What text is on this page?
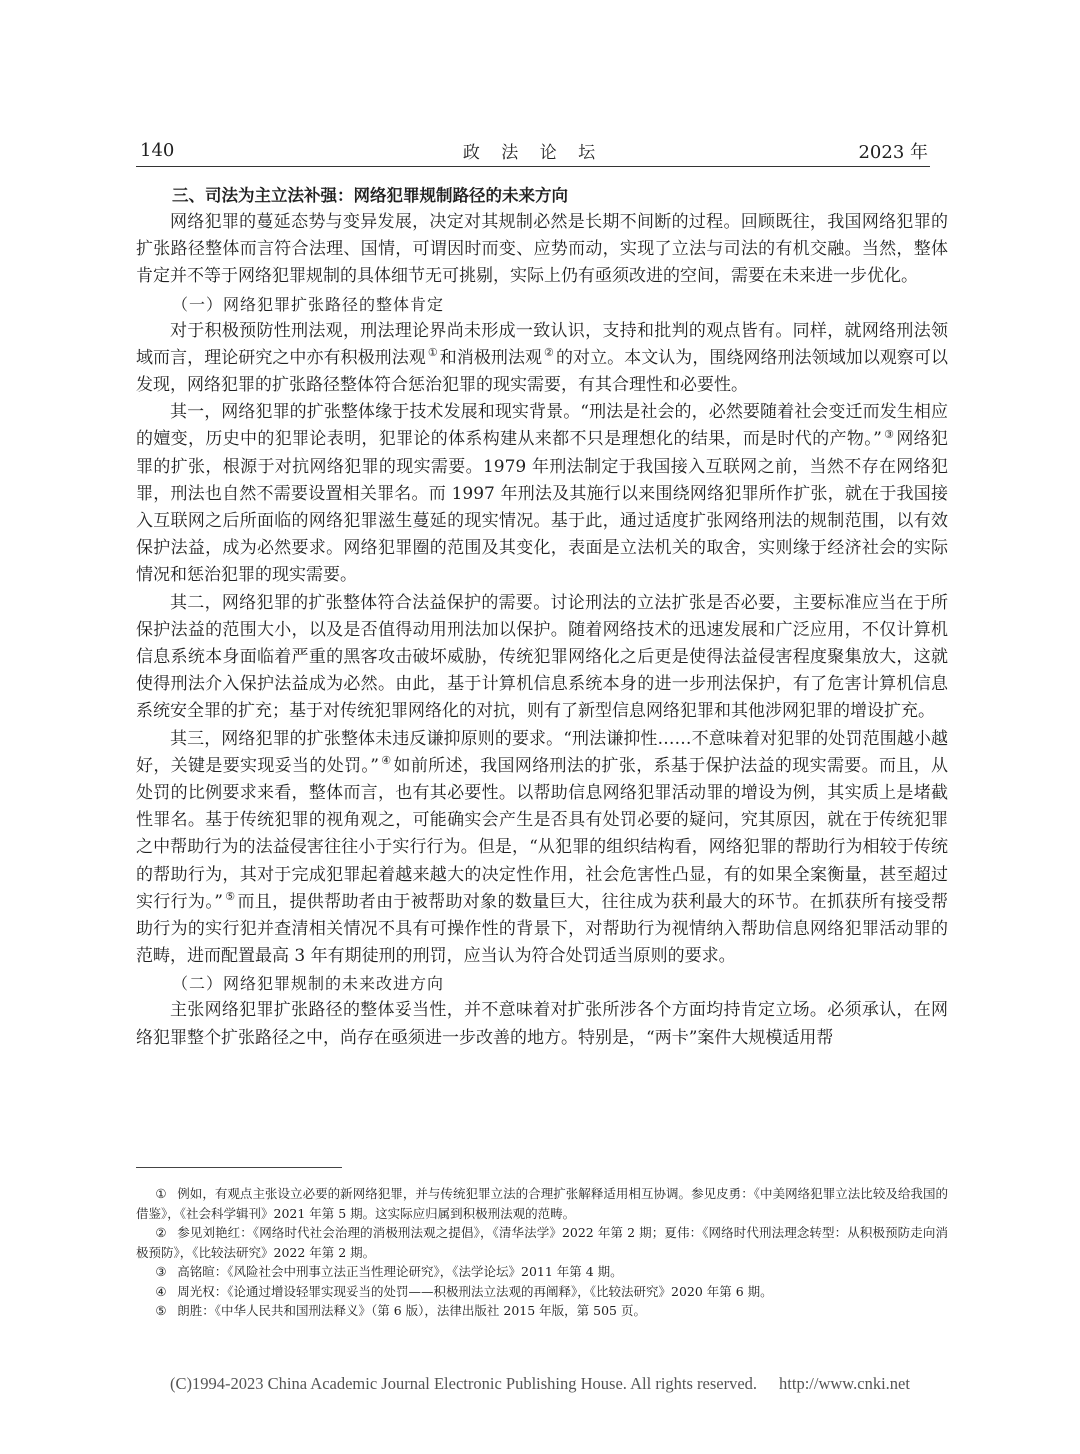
140	政 法 论 坛	2023 年
三、司法为主立法补强：网络犯罪规制路径的未来方向

网络犯罪的蔓延态势与变异发展，决定对其规制必然是长期不间断的过程。回顾既往，我国网络犯罪的扩张路径整体而言符合法理、国情，可谓因时而变、应势而动，实现了立法与司法的有机交融。当然，整体肯定并不等于网络犯罪规制的具体细节无可挑剔，实际上仍有亟须改进的空间，需要在未来进一步优化。

（一）网络犯罪扩张路径的整体肯定

对于积极预防性刑法观，刑法理论界尚未形成一致认识，支持和批判的观点皆有。同样，就网络刑法领域而言，理论研究之中亦有积极刑法观 ① 和消极刑法观 ② 的对立。本文认为，围绕网络刑法领域加以观察可以发现，网络犯罪的扩张路径整体符合惩治犯罪的现实需要，有其合理性和必要性。

其一，网络犯罪的扩张整体缘于技术发展和现实背景。“刑法是社会的，必然要随着社会变迁而发生相应的嬗变，历史中的犯罪论表明，犯罪论的体系构建从来都不只是理想化的结果，而是时代的产物。” ③ 网络犯罪的扩张，根源于对抗网络犯罪的现实需要。1979 年刑法制定于我国接入互联网之前，当然不存在网络犯罪，刑法也自然不需要设置相关罪名。而 1997 年刑法及其施行以来围绕网络犯罪所作扩张，就在于我国接入互联网之后所面临的网络犯罪滋生蔓延的现实情况。基于此，通过适度扩张网络刑法的规制范围，以有效保护法益，成为必然要求。网络犯罪圈的范围及其变化，表面是立法机关的取舍，实则缘于经济社会的实际情况和惩治犯罪的现实需要。

其二，网络犯罪的扩张整体符合法益保护的需要。讨论刑法的立法扩张是否必要，主要标准应当在于所保护法益的范围大小，以及是否值得动用刑法加以保护。随着网络技术的迅速发展和广泛应用，不仅计算机信息系统本身面临着严重的黑客攻击破坏威胁，传统犯罪网络化之后更是使得法益侵害程度聚集放大，这就使得刑法介入保护法益成为必然。由此，基于计算机信息系统本身的进一步刑法保护，有了危害计算机信息系统安全罪的扩充；基于对传统犯罪网络化的对抗，则有了新型信息网络犯罪和其他涉网犯罪的增设扩充。

其三，网络犯罪的扩张整体未违反谦抑原则的要求。“刑法谦抑性……不意味着对犯罪的处罚范围越小越好，关键是要实现妥当的处罚。” ④ 如前所述，我国网络刑法的扩张，系基于保护法益的现实需要。而且，从处罚的比例要求来看，整体而言，也有其必要性。以帮助信息网络犯罪活动罪的增设为例，其实质上是堵截性罪名。基于传统犯罪的视角观之，可能确实会产生是否具有处罚必要的疑问，究其原因，就在于传统犯罪之中帮助行为的法益侵害往往小于实行行为。但是，“从犯罪的组织结构看，网络犯罪的帮助行为相较于传统的帮助行为，其对于完成犯罪起着越来越大的决定性作用，社会危害性凸显，有的如果全案衡量，甚至超过实行行为。” ⑤ 而且，提供帮助者由于被帮助对象的数量巨大，往往成为获利最大的环节。在抓获所有接受帮助行为的实行犯并查清相关情况不具有可操作性的背景下，对帮助行为视情纳入帮助信息网络犯罪活动罪的范畴，进而配置最高 3 年有期徒刑的刑罚，应当认为符合处罚适当原则的要求。

（二）网络犯罪规制的未来改进方向

主张网络犯罪扩张路径的整体妥当性，并不意味着对扩张所涉各个方面均持肯定立场。必须承认，在网络犯罪整个扩张路径之中，尚存在亟须进一步改善的地方。特别是，“两卡”案件大规模适用帮

① 例如，有观点主张设立必要的新网络犯罪，并与传统犯罪立法的合理扩张解释适用相互协调。参见皮勇：《中美网络犯罪立法比较及给我国的借鉴》，《社会科学辑刊》2021 年第 5 期。这实际应归属到积极刑法观的范畴。

② 参见刘艳红：《网络时代社会治理的消极刑法观之提倡》，《清华法学》2022 年第 2 期；夏伟：《网络时代刑法理念转型：从积极预防走向消极预防》，《比较法研究》2022 年第 2 期。

③ 高铭暄：《风险社会中刑事立法正当性理论研究》，《法学论坛》2011 年第 4 期。

④ 周光权：《论通过增设轻罪实现妥当的处罚——积极刑法立法观的再阐释》，《比较法研究》2020 年第 6 期。

⑤ 朗胜：《中华人民共和国刑法释义》（第 6 版），法律出版社 2015 年版，第 505 页。

(C)1994-2023 China Academic Journal Electronic Publishing House. All rights reserved. http://www.cnki.net
